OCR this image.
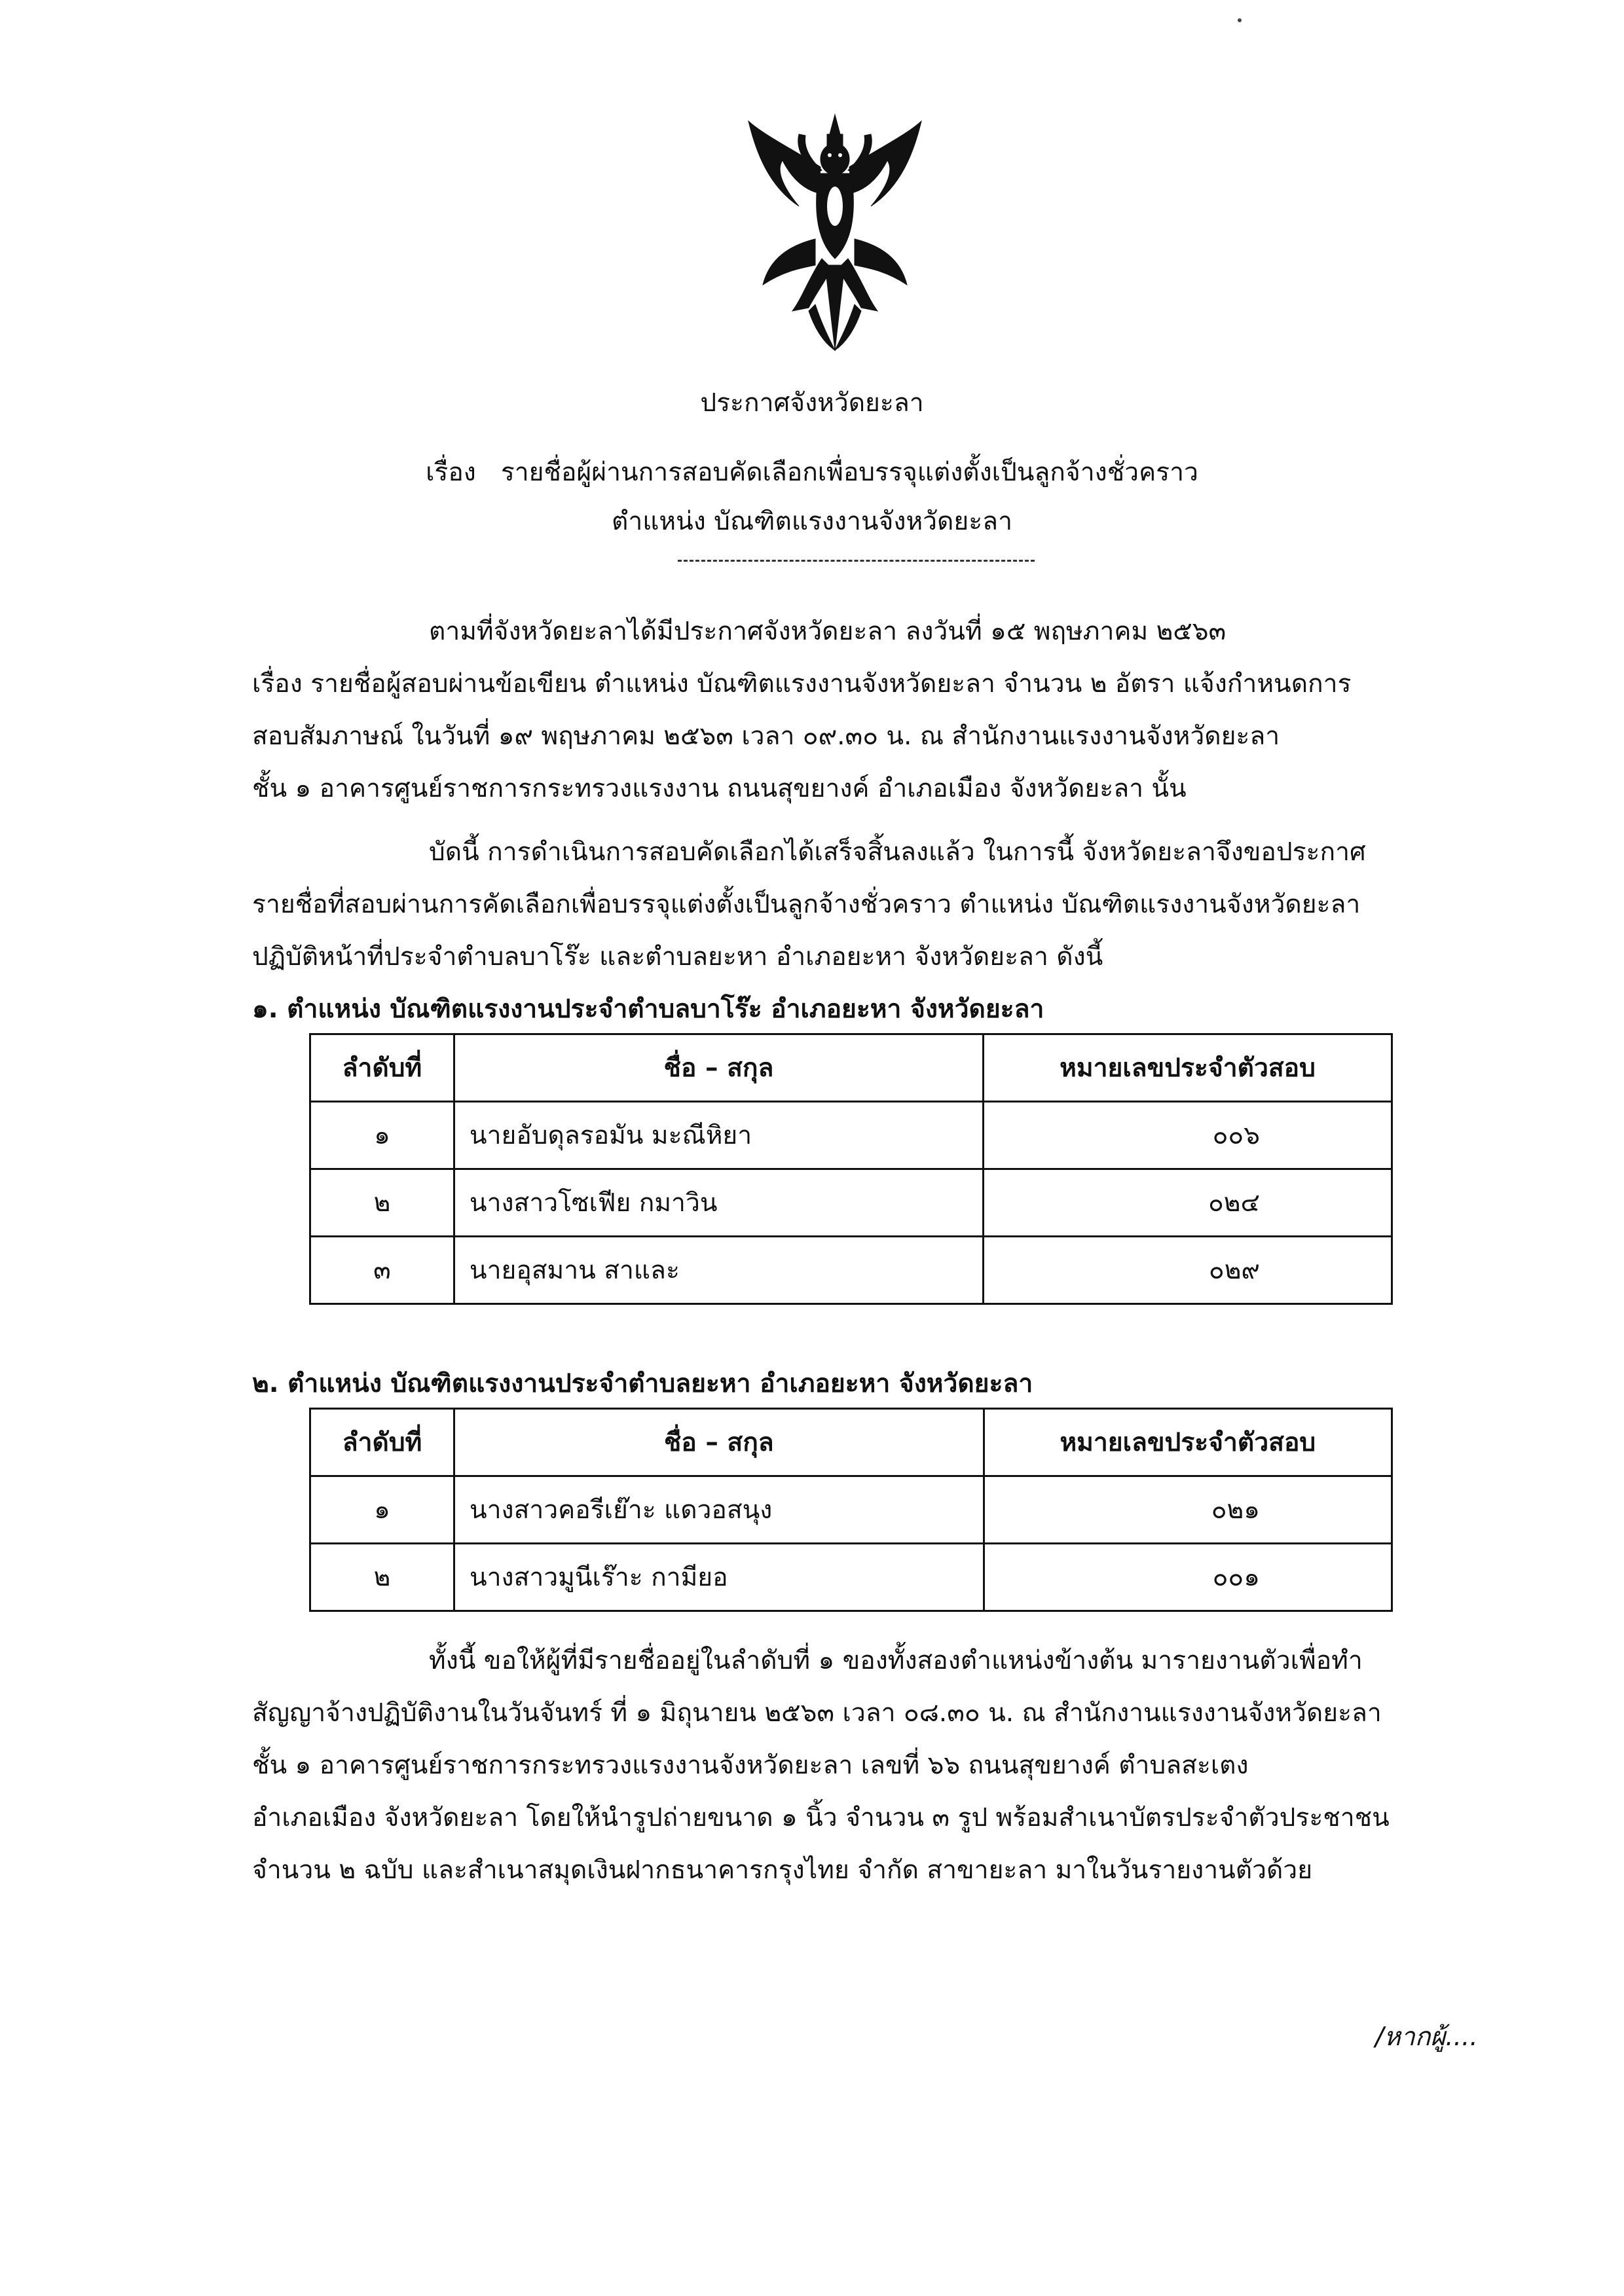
ประกาศจังหวัดยะลา
เรื่อง รายชื่อผู้ผ่านการสอบคัดเลือกเพื่อบรรจุแต่งตั้งเป็นลูกจ้างชั่วคราว
ตำแหน่ง บัณฑิตแรงงานจังหวัดยะลา
ตามที่จังหวัดยะลาได้มีประกาศจังหวัดยะลา ลงวันที่ ๑๕ พฤษภาคม ๒๕๖๓
เรื่อง รายชื่อผู้สอบผ่านข้อเขียน ตำแหน่ง บัณฑิตแรงงานจังหวัดยะลา จำนวน ๒ อัตรา แจ้งกำหนดการ
สอบสัมภาษณ์ ในวันที่ ๑๙ พฤษภาคม ๒๕๖๓ เวลา ๐๙.๓๐ น. ณ สำนักงานแรงงานจังหวัดยะลา
ชั้น ๑ อาคารศูนย์ราชการกระทรวงแรงงาน ถนนสุขยางค์ อำเภอเมือง จังหวัดยะลา นั้น
บัดนี้ การดำเนินการสอบคัดเลือกได้เสร็จสิ้นลงแล้ว ในการนี้ จังหวัดยะลาจึงขอประกาศ
รายชื่อที่สอบผ่านการคัดเลือกเพื่อบรรจุแต่งตั้งเป็นลูกจ้างชั่วคราว ตำแหน่ง บัณฑิตแรงงานจังหวัดยะลา
ปฏิบัติหน้าที่ประจำตำบลบาโร๊ะ และตำบลยะหา อำเภอยะหา จังหวัดยะลา ดังนี้
๑. ตำแหน่ง บัณฑิตแรงงานประจำตำบลบาโร๊ะ อำเภอยะหา จังหวัดยะลา
ลำดับที่	ชื่อ – สกุล	หมายเลขประจำตัวสอบ
๑	นายอับดุลรอมัน มะณีหิยา	๐๐๖
๒	นางสาวโซเฟีย กมาวิน	๐๒๔
๓	นายอุสมาน สาและ	๐๒๙
๒. ตำแหน่ง บัณฑิตแรงงานประจำตำบลยะหา อำเภอยะหา จังหวัดยะลา
ลำดับที่	ชื่อ – สกุล	หมายเลขประจำตัวสอบ
๑	นางสาวคอรีเย๊าะ แดวอสนุง	๐๒๑
๒	นางสาวมูนีเร๊าะ กามียอ	๐๐๑
ทั้งนี้ ขอให้ผู้ที่มีรายชื่ออยู่ในลำดับที่ ๑ ของทั้งสองตำแหน่งข้างต้น มารายงานตัวเพื่อทำ
สัญญาจ้างปฏิบัติงานในวันจันทร์ ที่ ๑ มิถุนายน ๒๕๖๓ เวลา ๐๘.๓๐ น. ณ สำนักงานแรงงานจังหวัดยะลา
ชั้น ๑ อาคารศูนย์ราชการกระทรวงแรงงานจังหวัดยะลา เลขที่ ๖๖ ถนนสุขยางค์ ตำบลสะเตง
อำเภอเมือง จังหวัดยะลา โดยให้นำรูปถ่ายขนาด ๑ นิ้ว จำนวน ๓ รูป พร้อมสำเนาบัตรประจำตัวประชาชน
จำนวน ๒ ฉบับ และสำเนาสมุดเงินฝากธนาคารกรุงไทย จำกัด สาขายะลา มาในวันรายงานตัวด้วย
/หากผู้....
